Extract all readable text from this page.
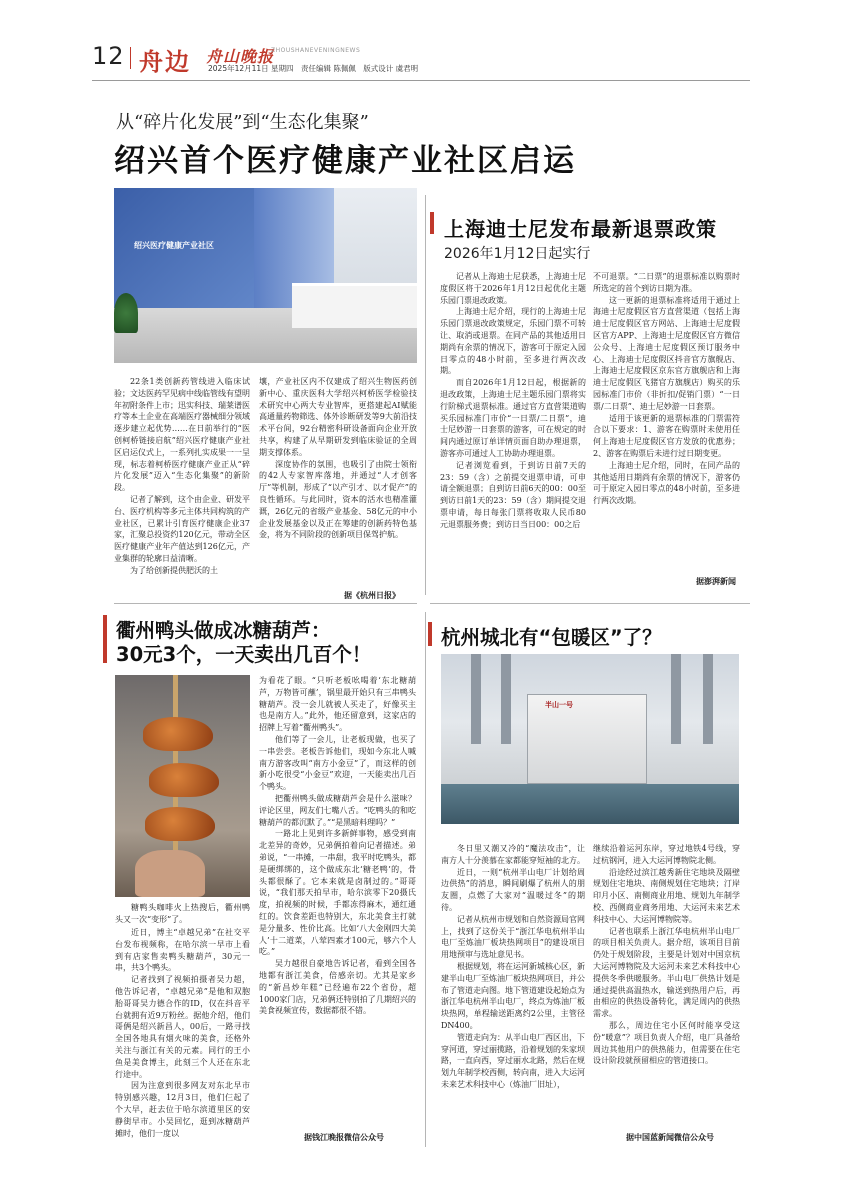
12 舟边 舟山晚报
ZHOUSHANEVENINGNEWS
2025年12月11日 星期四 责任编辑 陈佩佩 版式设计 虞君明
从“碎片化发展”到“生态化集聚”
绍兴首个医疗健康产业社区启运
绍兴医疗健康产业社区

22条1类创新药管线进入临床试验；文达医药罕见病中线临管线有望明年初附条件上市；迅实科技、瑞莱谱医疗等本土企业在高端医疗器械细分领域逐步建立起优势……在日前举行的“医创柯桥链接启航”绍兴医疗健康产业社区启运仪式上，一系列扎实成果一一呈现，标志着柯桥医疗健康产业正从“碎片化发展”迈入“生态化集聚”的新阶段。

记者了解到，这个由企业、研发平台、医疗机构等多元主体共同构筑的产业社区，已累计引育医疗健康企业37家，汇聚总投资约120亿元，带动全区医疗健康产业年产值达到126亿元，产业集群的轮廓日益清晰。

为了给创新提供肥沃的土

壤，产业社区内不仅建成了绍兴生物医药创新中心、重庆医科大学绍兴柯桥医学检验技术研究中心两大专业智库，更搭建起AI赋能高通量药物筛选、体外诊断研发等9大前沿技术平台间，92台精密科研设备面向企业开放共享，构建了从早期研发到临床验证的全周期支撑体系。

深度协作的氛围，也吸引了由院士领衔的42人专家智库落地，并通过“人才创客厅”等机制，形成了“以产引才、以才促产”的良性循环。与此同时，资本的活水也精准灌溉，26亿元的省级产业基金、58亿元的中小企业发展基金以及正在筹建的创新药特色基金，将为不同阶段的创新项目保驾护航。

据《杭州日报》
上海迪士尼发布最新退票政策
2026年1月12日起实行

记者从上海迪士尼获悉，上海迪士尼度假区将于2026年1月12日起优化主题乐园门票退改政策。

上海迪士尼介绍，现行的上海迪士尼乐园门票退改政策规定，乐园门票不可转让、取消或退票。在同产品的其他适用日期尚有余票的情况下，游客可于原定入园日零点的48小时前，至多进行两次改期。

而自2026年1月12日起，根据新的退改政策，上海迪士尼主题乐园门票将实行阶梯式退票标准。通过官方直营渠道购买乐园标准门市价“一日票/二日票”，迪士尼妙游一日套票的游客，可在规定的时间内通过原订单详情页面自助办理退票，游客亦可通过人工协助办理退票。

记者浏览看到，于到访日前7天的23：59（含）之前提交退票申请，可申请全额退票；自到访日前6天的00：00至到访日前1天的23：59（含）期间提交退票申请，每日每张门票将收取人民币80元退票服务费；到访日当日00：00之后

不可退票。“二日票”的退票标准以购票时所选定的首个到访日期为准。

这一更新的退票标准将适用于通过上海迪士尼度假区官方直营渠道（包括上海迪士尼度假区官方网站、上海迪士尼度假区官方APP、上海迪士尼度假区官方微信公众号、上海迪士尼度假区预订服务中心、上海迪士尼度假区抖音官方旗舰店、上海迪士尼度假区京东官方旗舰店和上海迪士尼度假区飞猪官方旗舰店）购买的乐园标准门市价（非折扣/促销门票）“一日票/二日票”、迪士尼妙游一日套票。

适用于该更新的退票标准的门票需符合以下要求：1、游客在购票时未使用任何上海迪士尼度假区官方发放的优惠券；2、游客在购票后未进行过日期变更。

上海迪士尼介绍，同时，在同产品的其他适用日期尚有余票的情况下，游客仍可于原定入园日零点的48小时前，至多进行两次改期。

据澎湃新闻
衢州鸭头做成冰糖葫芦：
30元3个，一天卖出几百个！

糖鸭头咖啡火上热搜后，衢州鸭头又一次“变形”了。

近日，博主“卓越兄弟”在社交平台发布视频称，在哈尔滨一早市上看到有店家售卖鸭头糖葫芦，30元一串，共3个鸭头。

记者找到了视频拍摄者吴力超，他告诉记者，“卓越兄弟”是他和双胞胎哥哥吴力德合作的ID，仅在抖音平台就拥有近9万粉丝。据他介绍，他们哥俩是绍兴新昌人，00后，一路寻找全国各地具有烟火味的美食，还格外关注与浙江有关的元素。同行的王小鱼是美食博主，此刻三个人还在东北行途中。

因为注意到很多网友对东北早市特别感兴趣，12月3日，他们仨起了个大早，赶去位于哈尔滨道里区的安静街早市。小吴回忆，逛到冰糖葫芦摊时，他们一度以

为看花了眼。“只听老板吆喝着‘东北糖葫芦，万物皆可蘸’，锅里最开始只有三串鸭头糖葫芦。没一会儿就被人买走了，好像买主也是南方人。”此外，他还留意到，这家店的招牌上写着“衢州鸭头”。

他们等了一会儿，让老板现做，也买了一串尝尝。老板告诉他们，现如今东北人喊南方游客改叫“南方小金豆”了，而这样的创新小吃很受“小金豆”欢迎，一天能卖出几百个鸭头。

把衢州鸭头做成糖葫芦会是什么滋味？评论区里，网友们七嘴八舌。“吃鸭头的和吃糖葫芦的都沉默了。”“是黑暗料理吗？”

一路北上见到许多新鲜事物，感受到南北差异的奇妙，兄弟俩拍着向记者描述。弟弟说，“一串摊，一串甜，我平时吃鸭头，都是硬绑绑的，这个做成东北‘糖老鸭’的，骨头都很酥了。它本来就是卤制过的。”哥哥说，“我们那天拍早市，哈尔滨零下20摄氏度，拍视频的时候，手都冻得麻木，通红通红的。饮食差距也特别大，东北美食主打就是分量多、性价比高。比如‘八大金刚四大美人’十二道菜，八荤四素才100元，够六个人吃。”

吴力越很自豪地告诉记者，看到全国各地都有浙江美食，倍感亲切。尤其是家乡的“新昌炒年糕”已经遍布22个省份，超1000家门店，兄弟俩还特别拍了几期绍兴的美食视频宣传，数据都很不错。

据钱江晚报微信公众号
杭州城北有“包暖区”了？
半山一号

冬日里又潮又冷的“魔法攻击”，让南方人十分羡慕在家都能穿短袖的北方。

近日，一则“杭州半山电厂计划给周边供热”的消息，瞬间刷爆了杭州人的朋友圈，点燃了大家对“温暖过冬”的期待。

记者从杭州市规划和自然资源局官网上，找到了这份关于“浙江华电杭州半山电厂至炼油厂板块热网项目”的建设项目用地预审与选址意见书。

根据规划，将在运河新城核心区，新建半山电厂至炼油厂板块热网项目，并公布了管道走向图。地下管道建设起始点为浙江华电杭州半山电厂，终点为炼油厂板块热网，单程输送距离约2公里，主管径DN400。

管道走向为：从半山电厂西区出，下穿河道，穿过丽揽路，沿着规划的朱家坝路，一直向西，穿过丽水北路，然后在规划九年制学校西侧，转向南，进入大运河未来艺术科技中心（炼油厂旧址），

继续沿着运河东岸，穿过地铁4号线，穿过杭钢河，进入大运河博物院北侧。

沿途经过滨江越秀新住宅地块及隔壁规划住宅地块、南侧规划住宅地块；汀岸印月小区、南侧商业用地、规划九年制学校、西侧商业商务用地、大运河未来艺术科技中心、大运河博物院等。

记者也联系上浙江华电杭州半山电厂的项目相关负责人。据介绍，该项目目前仍处于规划阶段，主要是计划对中国京杭大运河博物院及大运河未来艺术科技中心提供冬季供暖服务。半山电厂供热计划是通过提供高温热水，输送到热用户后，再由相应的供热设备转化，满足周内的供热需求。

那么，周边住宅小区何时能享受这份“暖意”？项目负责人介绍，电厂具备给周边其他用户的供热能力，但需要在住宅设计阶段就预留相应的管道接口。

据中国蓝新闻微信公众号
